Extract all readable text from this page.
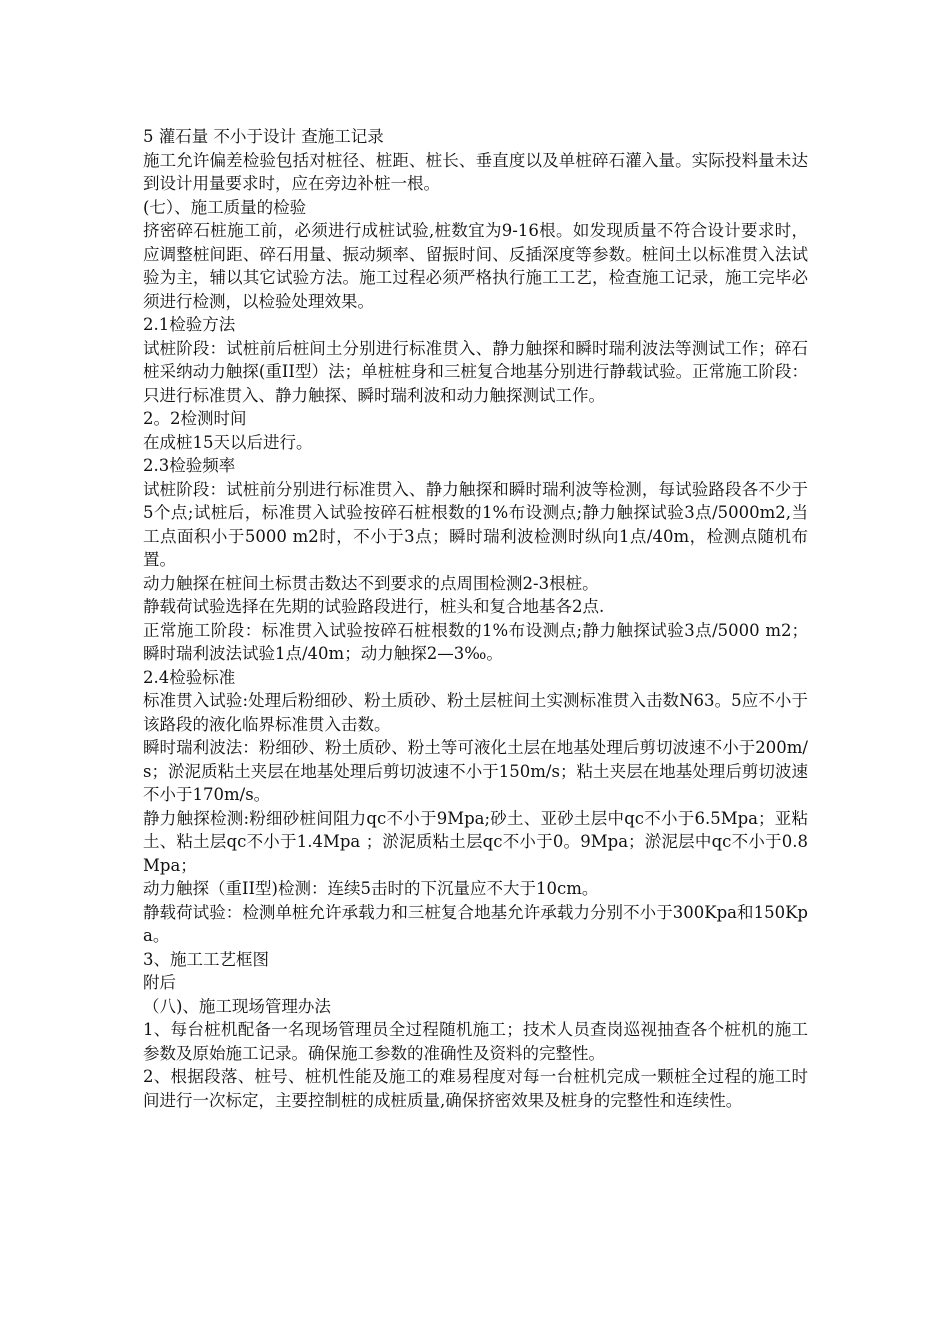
5 灌石量 不小于设计 查施工记录

施工允许偏差检验包括对桩径、桩距、桩长、垂直度以及单桩碎石灌入量。实际投料量未达到设计用量要求时，应在旁边补桩一根。

(七）、施工质量的检验

挤密碎石桩施工前，必须进行成桩试验,桩数宜为9-16根。如发现质量不符合设计要求时，应调整桩间距、碎石用量、振动频率、留振时间、反插深度等参数。桩间土以标准贯入法试验为主，辅以其它试验方法。施工过程必须严格执行施工工艺，检查施工记录，施工完毕必须进行检测，以检验处理效果。

2.1检验方法

试桩阶段：试桩前后桩间土分别进行标准贯入、静力触探和瞬时瑞利波法等测试工作；碎石桩采纳动力触探(重II型）法；单桩桩身和三桩复合地基分别进行静载试验。正常施工阶段：只进行标准贯入、静力触探、瞬时瑞利波和动力触探测试工作。

2。2检测时间

在成桩15天以后进行。

2.3检验频率

试桩阶段：试桩前分别进行标准贯入、静力触探和瞬时瑞利波等检测，每试验路段各不少于5个点;试桩后，标准贯入试验按碎石桩根数的1%布设测点;静力触探试验3点/5000m2,当工点面积小于5000 m2时，不小于3点；瞬时瑞利波检测时纵向1点/40m，检测点随机布置。

动力触探在桩间土标贯击数达不到要求的点周围检测2-3根桩。

静载荷试验选择在先期的试验路段进行，桩头和复合地基各2点.

正常施工阶段：标准贯入试验按碎石桩根数的1%布设测点;静力触探试验3点/5000 m2；瞬时瑞利波法试验1点/40m；动力触探2—3‰。

2.4检验标准

标准贯入试验:处理后粉细砂、粉土质砂、粉土层桩间土实测标准贯入击数N63。5应不小于该路段的液化临界标准贯入击数。

瞬时瑞利波法：粉细砂、粉土质砂、粉土等可液化土层在地基处理后剪切波速不小于200m/s；淤泥质粘土夹层在地基处理后剪切波速不小于150m/s；粘土夹层在地基处理后剪切波速不小于170m/s。

静力触探检测:粉细砂桩间阻力qc不小于9Mpa;砂土、亚砂土层中qc不小于6.5Mpa；亚粘土、粘土层qc不小于1.4Mpa ；淤泥质粘土层qc不小于0。9Mpa；淤泥层中qc不小于0.8Mpa；

动力触探（重II型)检测：连续5击时的下沉量应不大于10cm。

静载荷试验：检测单桩允许承载力和三桩复合地基允许承载力分别不小于300Kpa和150Kpa。

3、施工工艺框图

附后

（八)、施工现场管理办法

1、每台桩机配备一名现场管理员全过程随机施工；技术人员查岗巡视抽查各个桩机的施工参数及原始施工记录。确保施工参数的准确性及资料的完整性。

2、根据段落、桩号、桩机性能及施工的难易程度对每一台桩机完成一颗桩全过程的施工时间进行一次标定，主要控制桩的成桩质量,确保挤密效果及桩身的完整性和连续性。
